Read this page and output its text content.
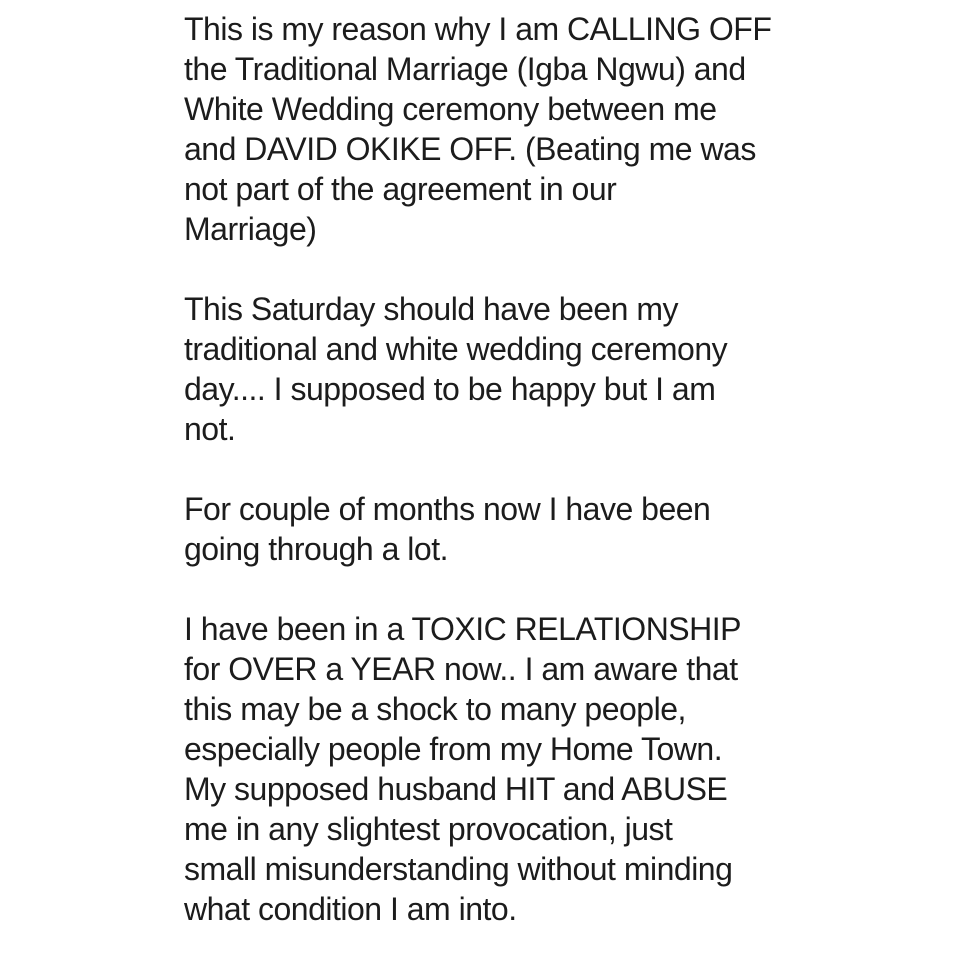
This is my reason why I am CALLING OFF
the Traditional Marriage (Igba Ngwu) and
White Wedding ceremony between me
and DAVID OKIKE OFF. (Beating me was
not part of the agreement in our
Marriage)
This Saturday should have been my
traditional and white wedding ceremony
day.... I supposed to be happy but I am
not.
For couple of months now I have been
going through a lot.
I have been in a TOXIC RELATIONSHIP
for OVER a YEAR now.. I am aware that
this may be a shock to many people,
especially people from my Home Town.
My supposed husband HIT and ABUSE
me in any slightest provocation, just
small misunderstanding without minding
what condition I am into.
